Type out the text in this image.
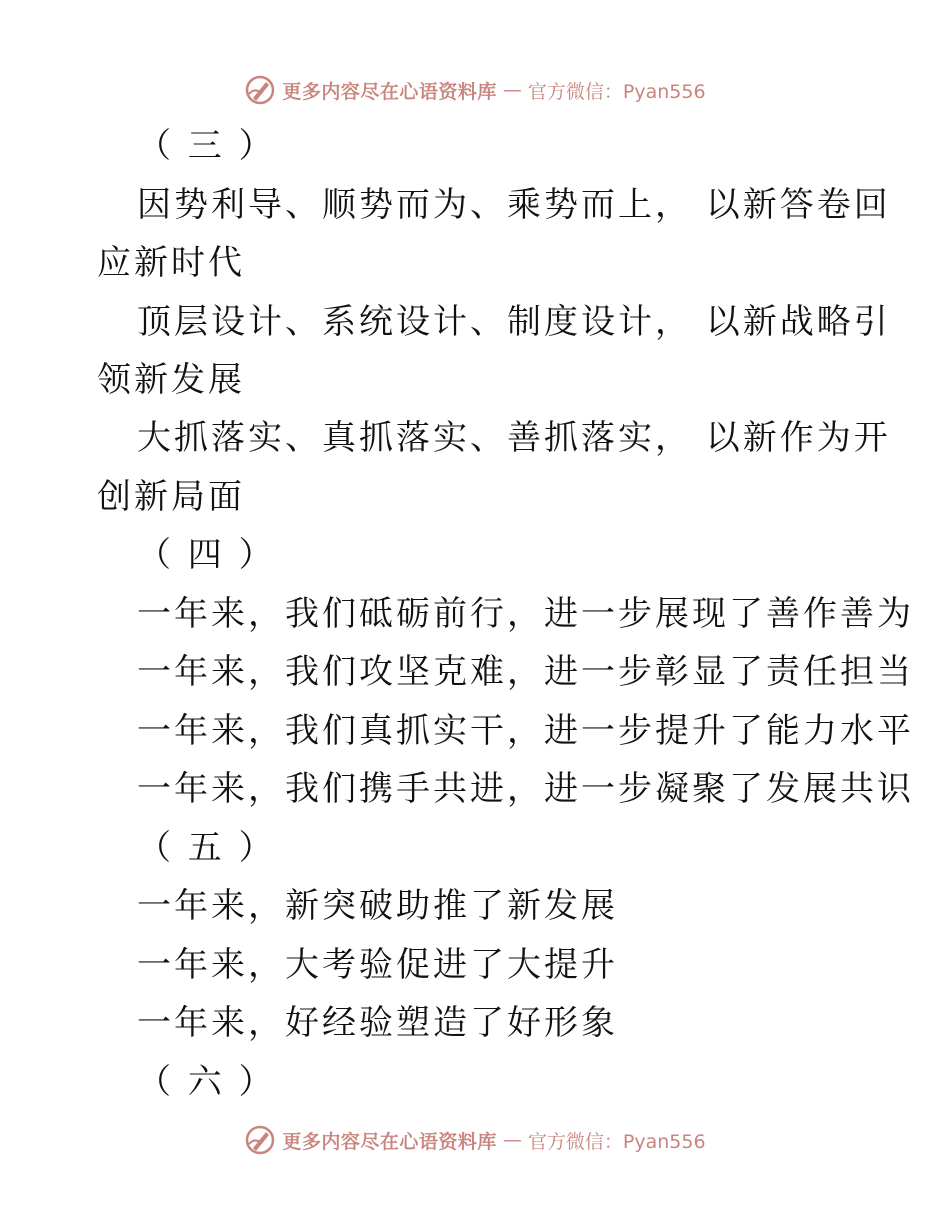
更多内容尽在心语资料库 — 官方微信：Pyan556
（ 三 ）
因势利导、顺势而为、乘势而上， 以新答卷回
应新时代
顶层设计、系统设计、制度设计， 以新战略引
领新发展
大抓落实、真抓落实、善抓落实， 以新作为开
创新局面
（ 四 ）
一年来，我们砥砺前行，进一步展现了善作善为
一年来，我们攻坚克难，进一步彰显了责任担当
一年来，我们真抓实干，进一步提升了能力水平
一年来，我们携手共进，进一步凝聚了发展共识
（ 五 ）
一年来，新突破助推了新发展
一年来，大考验促进了大提升
一年来，好经验塑造了好形象
（ 六 ）
更多内容尽在心语资料库 — 官方微信：Pyan556
